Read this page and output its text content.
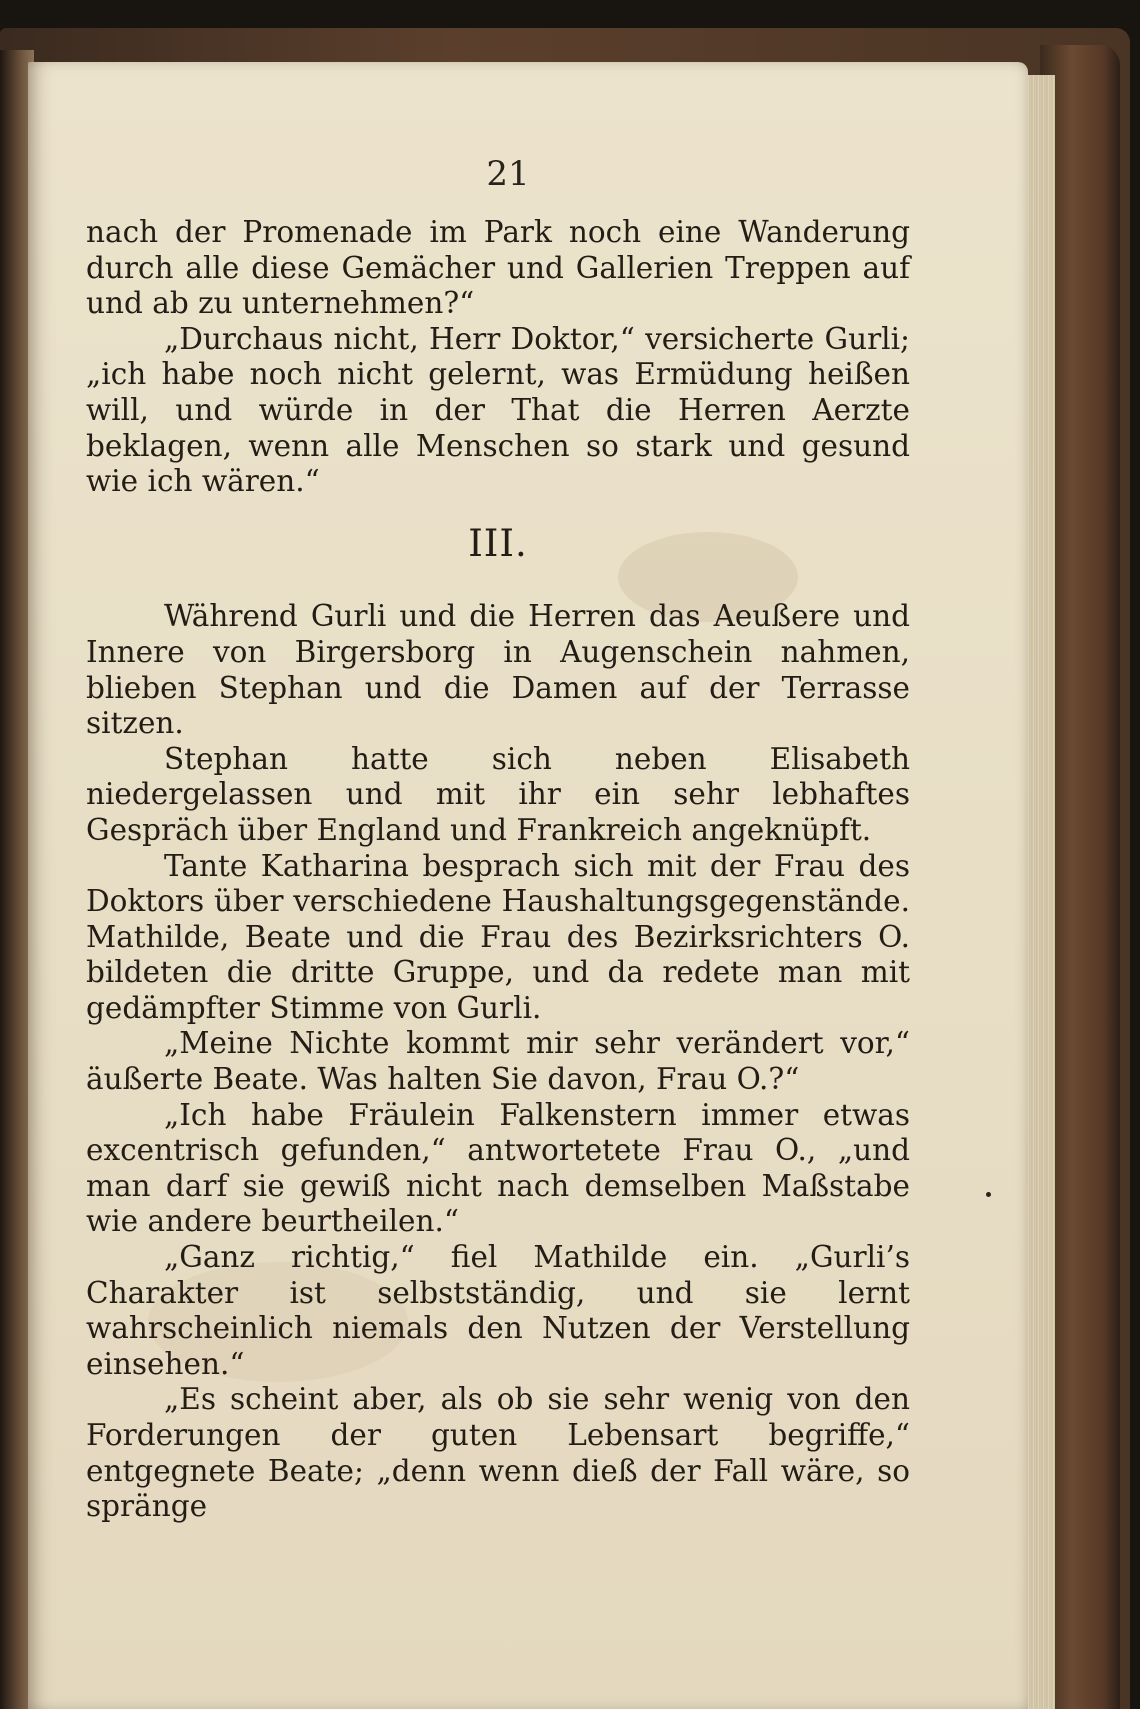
21

nach der Promenade im Park noch eine Wanderung durch alle diese Gemächer und Gallerien Treppen auf und ab zu unternehmen?“

„Durchaus nicht, Herr Doktor,“ versicherte Gurli; „ich habe noch nicht gelernt, was Ermüdung heißen will, und würde in der That die Herren Aerzte beklagen, wenn alle Menschen so stark und gesund wie ich wären.“

III.

Während Gurli und die Herren das Aeußere und Innere von Birgersborg in Augenschein nahmen, blieben Stephan und die Damen auf der Terrasse sitzen.

Stephan hatte sich neben Elisabeth niedergelassen und mit ihr ein sehr lebhaftes Gespräch über England und Frankreich angeknüpft.

Tante Katharina besprach sich mit der Frau des Doktors über verschiedene Haushaltungsgegenstände. Mathilde, Beate und die Frau des Bezirksrichters O. bildeten die dritte Gruppe, und da redete man mit gedämpfter Stimme von Gurli.

„Meine Nichte kommt mir sehr verändert vor,“ äußerte Beate. Was halten Sie davon, Frau O.?“

„Ich habe Fräulein Falkenstern immer etwas excentrisch gefunden,“ antwortetete Frau O., „und man darf sie gewiß nicht nach demselben Maßstabe wie andere beurtheilen.“

„Ganz richtig,“ fiel Mathilde ein. „Gurli’s Charakter ist selbstständig, und sie lernt wahrscheinlich niemals den Nutzen der Verstellung einsehen.“

„Es scheint aber, als ob sie sehr wenig von den Forderungen der guten Lebensart begriffe,“ entgegnete Beate; „denn wenn dieß der Fall wäre, so spränge
